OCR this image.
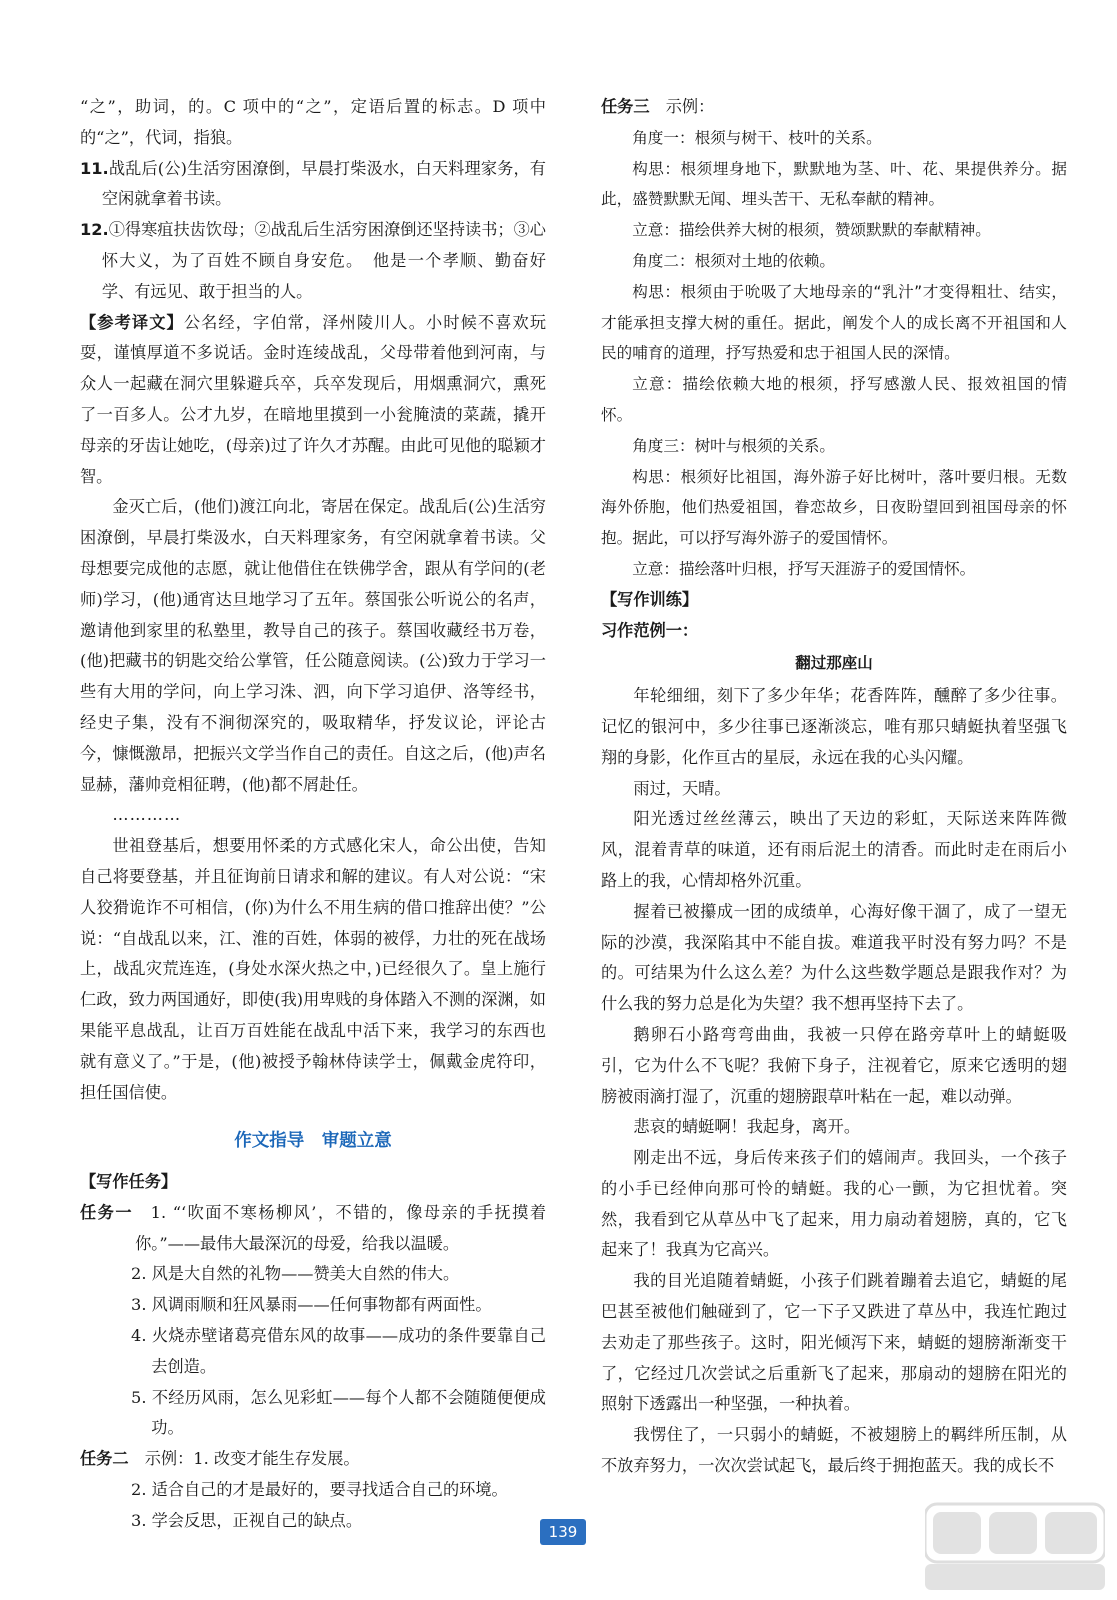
“之”，助词，的。C 项中的“之”，定语后置的标志。D 项中的“之”，代词，指狼。

11.战乱后(公)生活穷困潦倒，早晨打柴汲水，白天料理家务，有空闲就拿着书读。

12.①得寒疽扶齿饮母；②战乱后生活穷困潦倒还坚持读书；③心怀大义，为了百姓不顾自身安危。　他是一个孝顺、勤奋好学、有远见、敢于担当的人。

【参考译文】公名经，字伯常，泽州陵川人。小时候不喜欢玩耍，谨慎厚道不多说话。金时连绫战乱，父母带着他到河南，与众人一起藏在洞穴里躲避兵卒，兵卒发现后，用烟熏洞穴，熏死了一百多人。公才九岁，在暗地里摸到一小瓮腌渍的菜蔬，撬开母亲的牙齿让她吃，(母亲)过了许久才苏醒。由此可见他的聪颖才智。

金灭亡后，(他们)渡江向北，寄居在保定。战乱后(公)生活穷困潦倒，早晨打柴汲水，白天料理家务，有空闲就拿着书读。父母想要完成他的志愿，就让他借住在铁佛学舍，跟从有学问的(老师)学习，(他)通宵达旦地学习了五年。蔡国张公听说公的名声，邀请他到家里的私塾里，教导自己的孩子。蔡国收藏经书万卷，(他)把藏书的钥匙交给公掌管，任公随意阅读。(公)致力于学习一些有大用的学问，向上学习洙、泗，向下学习追伊、洛等经书，经史子集，没有不涧彻深究的，吸取精华，抒发议论，评论古今，慷慨激昂，把振兴文学当作自己的责任。自这之后，(他)声名显赫，藩帅竞相征聘，(他)都不屑赴任。

…………

世祖登基后，想要用怀柔的方式感化宋人，命公出使，告知自己将要登基，并且征询前日请求和解的建议。有人对公说：“宋人狡猾诡诈不可相信，(你)为什么不用生病的借口推辞出使？”公说：“自战乱以来，江、淮的百姓，体弱的被俘，力壮的死在战场上，战乱灾荒连连，(身处水深火热之中，)已经很久了。皇上施行仁政，致力两国通好，即使(我)用卑贱的身体踏入不测的深渊，如果能平息战乱，让百万百姓能在战乱中活下来，我学习的东西也就有意义了。”于是，(他)被授予翰林侍读学士，佩戴金虎符印，担任国信使。

作文指导　审题立意

【写作任务】

任务一　 1. “‘吹面不寒杨柳风’，不错的，像母亲的手抚摸着你。”——最伟大最深沉的母爱，给我以温暖。

2. 风是大自然的礼物——赞美大自然的伟大。

3. 风调雨顺和狂风暴雨——任何事物都有两面性。

4. 火烧赤壁诸葛亮借东风的故事——成功的条件要靠自己去创造。

5. 不经历风雨，怎么见彩虹——每个人都不会随随便便成功。

任务二　 示例：1. 改变才能生存发展。

2. 适合自己的才是最好的，要寻找适合自己的环境。

3. 学会反思，正视自己的缺点。

任务三　 示例：

角度一：根须与树干、枝叶的关系。

构思：根须埋身地下，默默地为茎、叶、花、果提供养分。据此，盛赞默默无闻、埋头苦干、无私奉献的精神。

立意：描绘供养大树的根须，赞颂默默的奉献精神。

角度二：根须对土地的依赖。

构思：根须由于吮吸了大地母亲的“乳汁”才变得粗壮、结实，才能承担支撑大树的重任。据此，阐发个人的成长离不开祖国和人民的哺育的道理，抒写热爱和忠于祖国人民的深情。

立意：描绘依赖大地的根须，抒写感激人民、报效祖国的情怀。

角度三：树叶与根须的关系。

构思：根须好比祖国，海外游子好比树叶，落叶要归根。无数海外侨胞，他们热爱祖国，眷恋故乡，日夜盼望回到祖国母亲的怀抱。据此，可以抒写海外游子的爱国情怀。

立意：描绘落叶归根，抒写天涯游子的爱国情怀。

【写作训练】

习作范例一：

翻过那座山

年轮细细，刻下了多少年华；花香阵阵，醺醉了多少往事。记忆的银河中，多少往事已逐渐淡忘，唯有那只蜻蜓执着坚强飞翔的身影，化作亘古的星辰，永远在我的心头闪耀。

雨过，天晴。

阳光透过丝丝薄云，映出了天边的彩虹，天际送来阵阵微风，混着青草的味道，还有雨后泥土的清香。而此时走在雨后小路上的我，心情却格外沉重。

握着已被攥成一团的成绩单，心海好像干涸了，成了一望无际的沙漠，我深陷其中不能自拔。难道我平时没有努力吗？不是的。可结果为什么这么差？为什么这些数学题总是跟我作对？为什么我的努力总是化为失望？我不想再坚持下去了。

鹅卵石小路弯弯曲曲，我被一只停在路旁草叶上的蜻蜓吸引，它为什么不飞呢？我俯下身子，注视着它，原来它透明的翅膀被雨滴打湿了，沉重的翅膀跟草叶粘在一起，难以动弹。

悲哀的蜻蜓啊！我起身，离开。

刚走出不远，身后传来孩子们的嬉闹声。我回头，一个孩子的小手已经伸向那可怜的蜻蜓。我的心一颤，为它担忧着。突然，我看到它从草丛中飞了起来，用力扇动着翅膀，真的，它飞起来了！我真为它高兴。

我的目光追随着蜻蜓，小孩子们跳着蹦着去追它，蜻蜓的尾巴甚至被他们触碰到了，它一下子又跌进了草丛中，我连忙跑过去劝走了那些孩子。这时，阳光倾泻下来，蜻蜓的翅膀渐渐变干了，它经过几次尝试之后重新飞了起来，那扇动的翅膀在阳光的照射下透露出一种坚强，一种执着。

我愣住了，一只弱小的蜻蜓，不被翅膀上的羁绊所压制，从不放弃努力，一次次尝试起飞，最后终于拥抱蓝天。我的成长不

139
